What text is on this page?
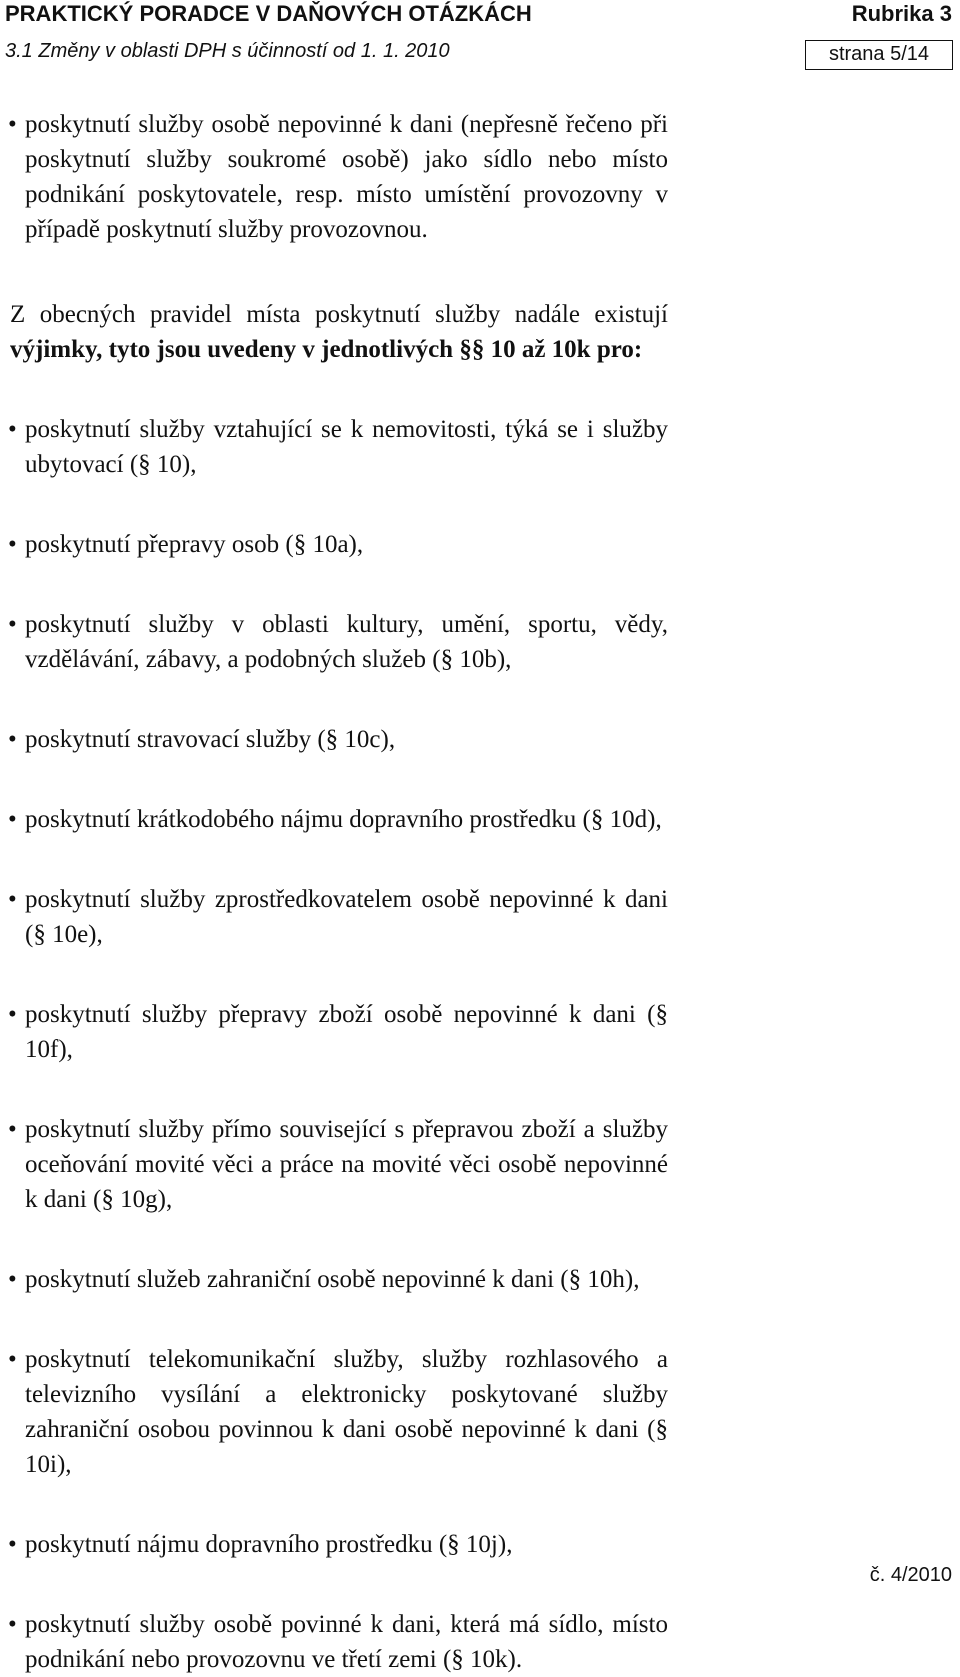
PRAKTICKÝ PORADCE V DAŇOVÝCH OTÁZKÁCH	Rubrika 3
3.1 Změny v oblasti DPH s účinností od 1. 1. 2010	strana 5/14
• poskytnutí služby osobě nepovinné k dani (nepřesně řečeno při poskytnutí služby soukromé osobě) jako sídlo nebo místo podnikání poskytovatele, resp. místo umístění provozovny v případě poskytnutí služby provozovnou.
Z obecných pravidel místa poskytnutí služby nadále existují výjimky, tyto jsou uvedeny v jednotlivých §§ 10 až 10k pro:
• poskytnutí služby vztahující se k nemovitosti, týká se i služby ubytovací (§ 10),
• poskytnutí přepravy osob (§ 10a),
• poskytnutí služby v oblasti kultury, umění, sportu, vědy, vzdělávání, zábavy, a podobných služeb (§ 10b),
• poskytnutí stravovací služby (§ 10c),
• poskytnutí krátkodobého nájmu dopravního prostředku (§ 10d),
• poskytnutí služby zprostředkovatelem osobě nepovinné k dani (§ 10e),
• poskytnutí služby přepravy zboží osobě nepovinné k dani (§ 10f),
• poskytnutí služby přímo související s přepravou zboží a služby oceňování movité věci a práce na movité věci osobě nepovinné k dani (§ 10g),
• poskytnutí služeb zahraniční osobě nepovinné k dani (§ 10h),
• poskytnutí telekomunikační služby, služby rozhlasového a televizního vysílání a elektronicky poskytované služby zahraniční osobou povinnou k dani osobě nepovinné k dani (§ 10i),
• poskytnutí nájmu dopravního prostředku (§ 10j),
• poskytnutí služby osobě povinné k dani, která má sídlo, místo podnikání nebo provozovnu ve třetí zemi (§ 10k).
č. 4/2010
